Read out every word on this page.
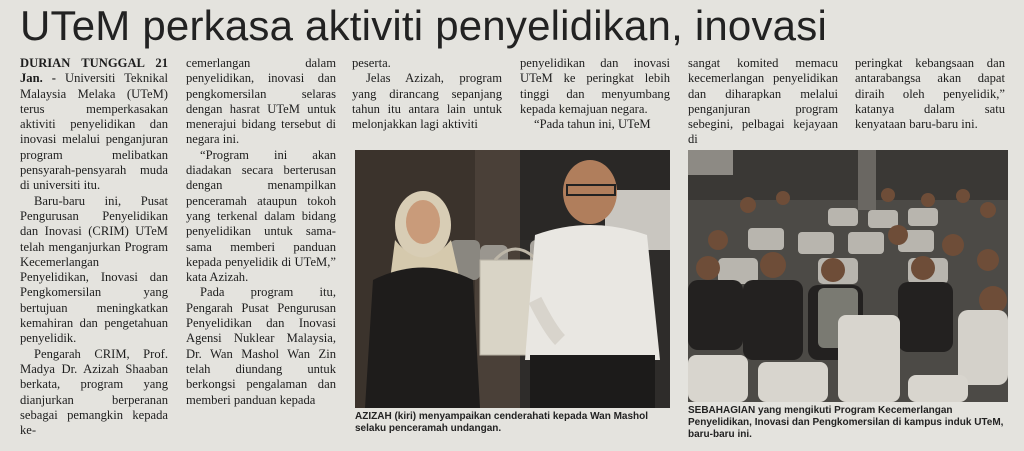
UTeM perkasa aktiviti penyelidikan, inovasi

DURIAN TUNGGAL 21 Jan. - Universiti Teknikal Malaysia Melaka (UTeM) terus memperkasakan aktiviti penyelidikan dan inovasi melalui penganjuran program melibatkan pensyarah-pensyarah muda di universiti itu.

Baru-baru ini, Pusat Pengurusan Penyelidikan dan Inovasi (CRIM) UTeM telah menganjurkan Program Kecemerlangan Penyelidikan, Inovasi dan Pengkomersilan yang bertujuan meningkatkan kemahiran dan pengetahuan penyelidik.

Pengarah CRIM, Prof. Madya Dr. Azizah Shaaban berkata, program yang dianjurkan berperanan sebagai pemangkin kepada ke-

cemerlangan dalam penyelidikan, inovasi dan pengkomersilan selaras dengan hasrat UTeM untuk menerajui bidang tersebut di negara ini.

“Program ini akan diadakan secara berterusan dengan menampilkan penceramah ataupun tokoh yang terkenal dalam bidang penyelidikan untuk sama-sama memberi panduan kepada penyelidik di UTeM,” kata Azizah.

Pada program itu, Pengarah Pusat Pengurusan Penyelidikan dan Inovasi Agensi Nuklear Malaysia, Dr. Wan Mashol Wan Zin telah diundang untuk berkongsi pengalaman dan memberi panduan kepada

peserta.

Jelas Azizah, program yang dirancang sepanjang tahun itu antara lain untuk melonjakkan lagi aktiviti

penyelidikan dan inovasi UTeM ke peringkat lebih tinggi dan menyumbang kepada kemajuan negara.

“Pada tahun ini, UTeM

sangat komited memacu kecemerlangan penyelidikan dan diharapkan melalui penganjuran program sebegini, pelbagai kejayaan di

peringkat kebangsaan dan antarabangsa akan dapat diraih oleh penyelidik,” katanya dalam satu kenyataan baru-baru ini.

AZIZAH (kiri) menyampaikan cenderahati kepada Wan Mashol selaku penceramah undangan.
SEBAHAGIAN yang mengikuti Program Kecemerlangan Penyelidikan, Inovasi dan Pengkomersilan di kampus induk UTeM, baru-baru ini.
